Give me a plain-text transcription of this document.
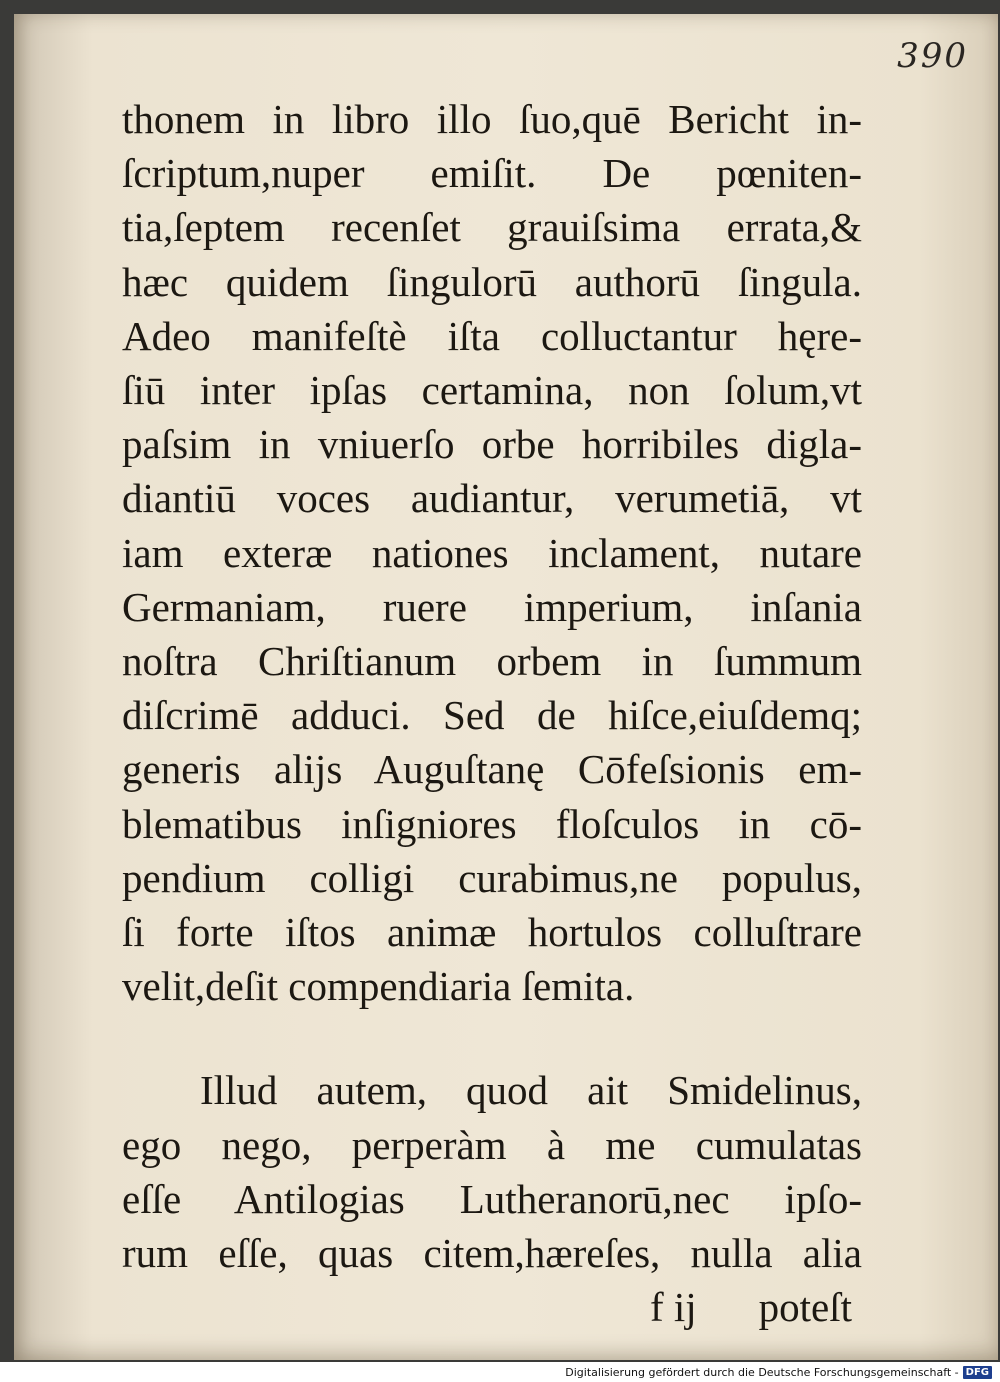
390
thonem in libro illo ſuo,quē Bericht in-
ſcriptum,nuper emiſit. De pœniten-
tia,ſeptem recenſet grauiſsima errata,&
hæc quidem ſingulorū authorū ſingula.
Adeo manifeſtè iſta colluctantur hęre-
ſiū inter ipſas certamina, non ſolum,vt
paſsim in vniuerſo orbe horribiles digla-
diantiū voces audiantur, verumetiā, vt
iam exteræ nationes inclament, nutare
Germaniam, ruere imperium, inſania
noſtra Chriſtianum orbem in ſummum
diſcrimē adduci. Sed de hiſce,eiuſdemq;
generis alijs Auguſtanę Cōfeſsionis em-
blematibus inſigniores floſculos in cō-
pendium colligi curabimus,ne populus,
ſi forte iſtos animæ hortulos colluſtrare
velit,deſit compendiaria ſemita.
Illud autem, quod ait Smidelinus,
ego nego, perperàm à me cumulatas
eſſe Antilogias Lutheranorū,nec ipſo-
rum eſſe, quas citem,hæreſes, nulla alia
f ij poteſt
Digitalisierung gefördert durch die Deutsche Forschungsgemeinschaft - DFG
